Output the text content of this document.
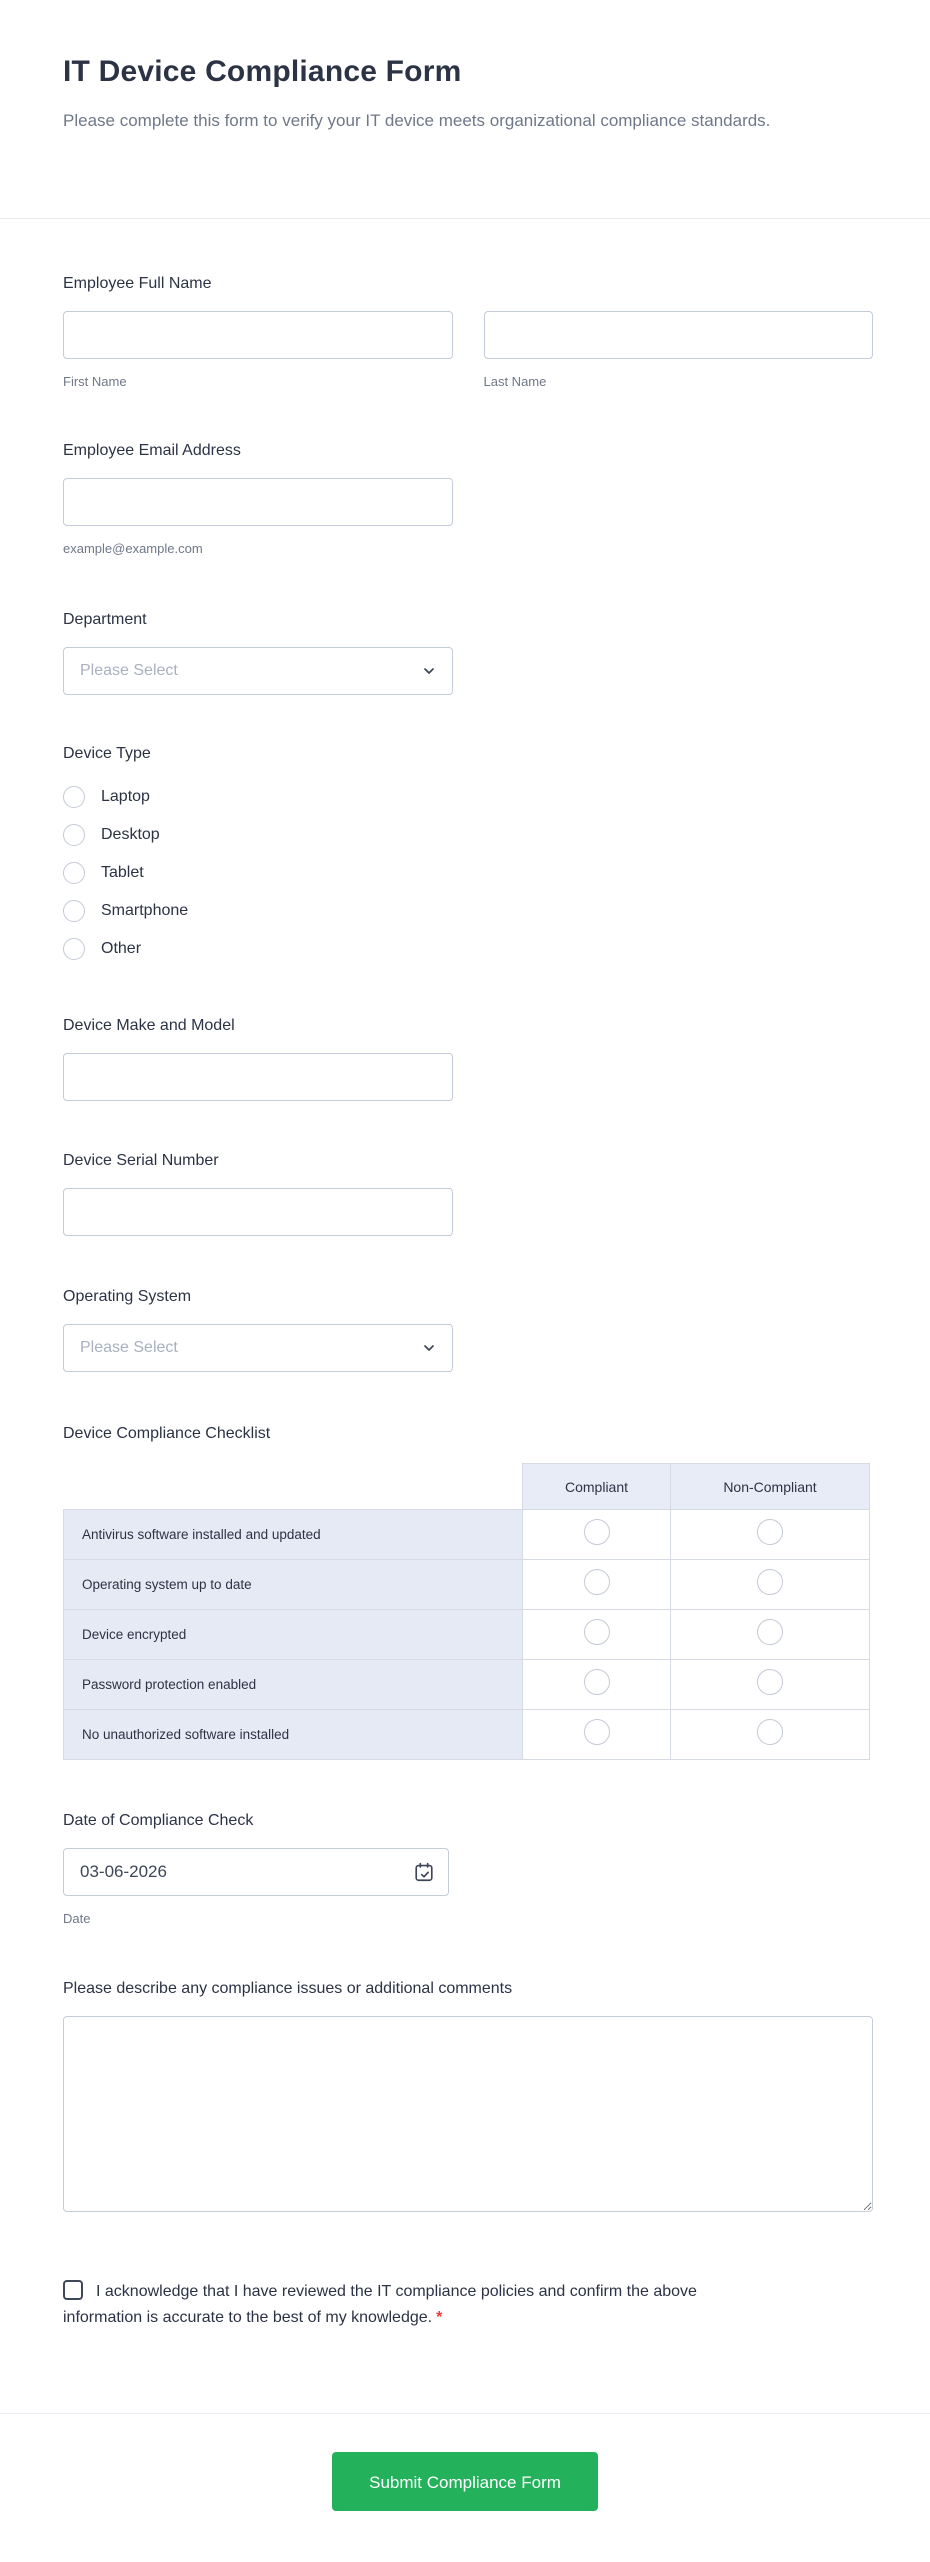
IT Device Compliance Form

Please complete this form to verify your IT device meets organizational compliance standards.

Employee Full Name
First Name	Last Name
Employee Email Address
example@example.com
Department
Please Select
Device Type
Laptop
Desktop
Tablet
Smartphone
Other
Device Make and Model
Device Serial Number
Operating System
Please Select
Device Compliance Checklist
	Compliant	Non-Compliant
Antivirus software installed and updated		
Operating system up to date		
Device encrypted		
Password protection enabled		
No unauthorized software installed		
Date of Compliance Check
03-06-2026
Date
Please describe any compliance issues or additional comments
I acknowledge that I have reviewed the IT compliance policies and confirm the above information is accurate to the best of my knowledge. *
Submit Compliance Form
